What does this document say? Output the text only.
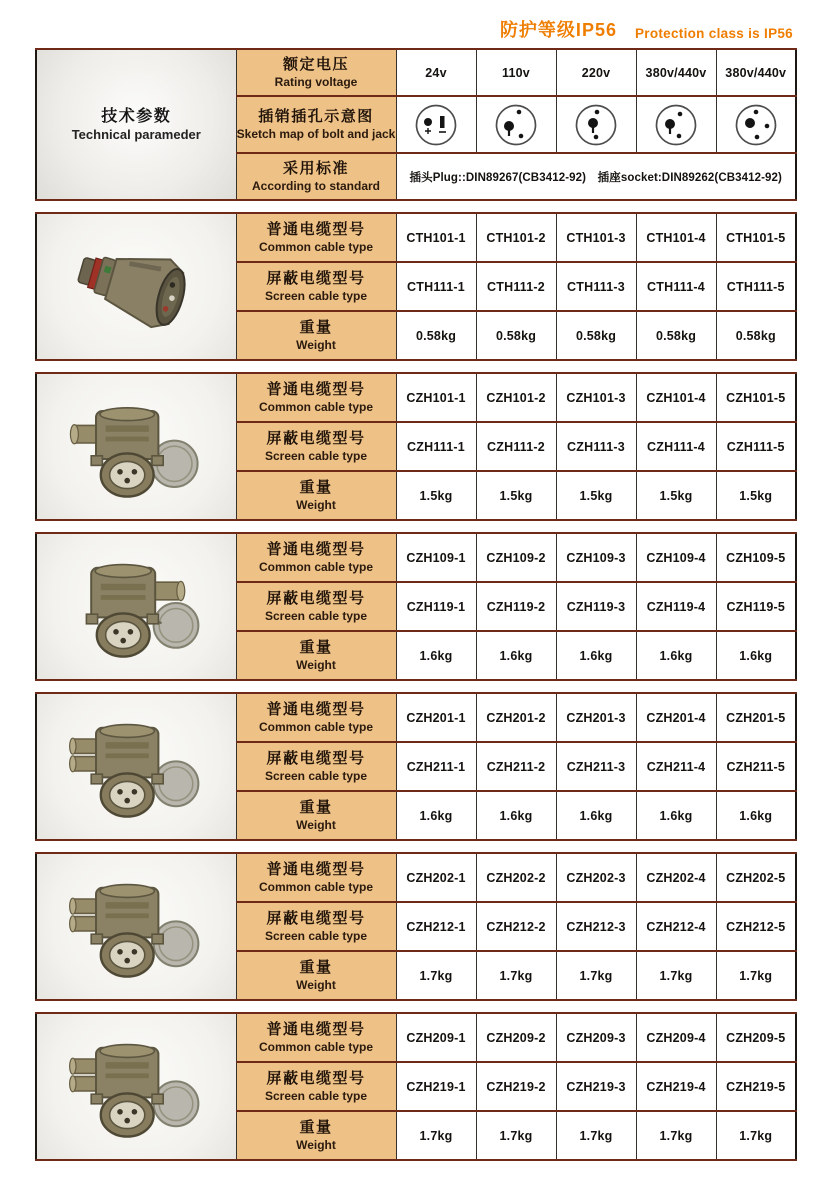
防护等级IP56 Protection class is IP56
技术参数
Technical parameder

额定电压
Rating voltage
	24v	110v	220v	380v/440v	380v/440v

	插销插孔示意图
Sketch map of bolt and jack

	采用标准
According to standard	插头Plug::DIN89267(CB3412-92)　插座socket:DIN89262(CB3412-92)				

普通电缆型号
Common cable type	CTH101-1	CTH101-2	CTH101-3	CTH101-4	CTH101-5

	屏蔽电缆型号
Screen cable type	CTH111-1	CTH111-2	CTH111-3	CTH111-4	CTH111-5

	重量
Weight	0.58kg	0.58kg	0.58kg	0.58kg	0.58kg

普通电缆型号
Common cable type	CZH101-1	CZH101-2	CZH101-3	CZH101-4	CZH101-5

	屏蔽电缆型号
Screen cable type	CZH111-1	CZH111-2	CZH111-3	CZH111-4	CZH111-5

	重量
Weight	1.5kg	1.5kg	1.5kg	1.5kg	1.5kg

普通电缆型号
Common cable type	CZH109-1	CZH109-2	CZH109-3	CZH109-4	CZH109-5

	屏蔽电缆型号
Screen cable type	CZH119-1	CZH119-2	CZH119-3	CZH119-4	CZH119-5

	重量
Weight	1.6kg	1.6kg	1.6kg	1.6kg	1.6kg

普通电缆型号
Common cable type	CZH201-1	CZH201-2	CZH201-3	CZH201-4	CZH201-5

	屏蔽电缆型号
Screen cable type	CZH211-1	CZH211-2	CZH211-3	CZH211-4	CZH211-5

	重量
Weight	1.6kg	1.6kg	1.6kg	1.6kg	1.6kg

普通电缆型号
Common cable type	CZH202-1	CZH202-2	CZH202-3	CZH202-4	CZH202-5

	屏蔽电缆型号
Screen cable type	CZH212-1	CZH212-2	CZH212-3	CZH212-4	CZH212-5

	重量
Weight	1.7kg	1.7kg	1.7kg	1.7kg	1.7kg

普通电缆型号
Common cable type	CZH209-1	CZH209-2	CZH209-3	CZH209-4	CZH209-5

	屏蔽电缆型号
Screen cable type	CZH219-1	CZH219-2	CZH219-3	CZH219-4	CZH219-5

	重量
Weight	1.7kg	1.7kg	1.7kg	1.7kg	1.7kg
